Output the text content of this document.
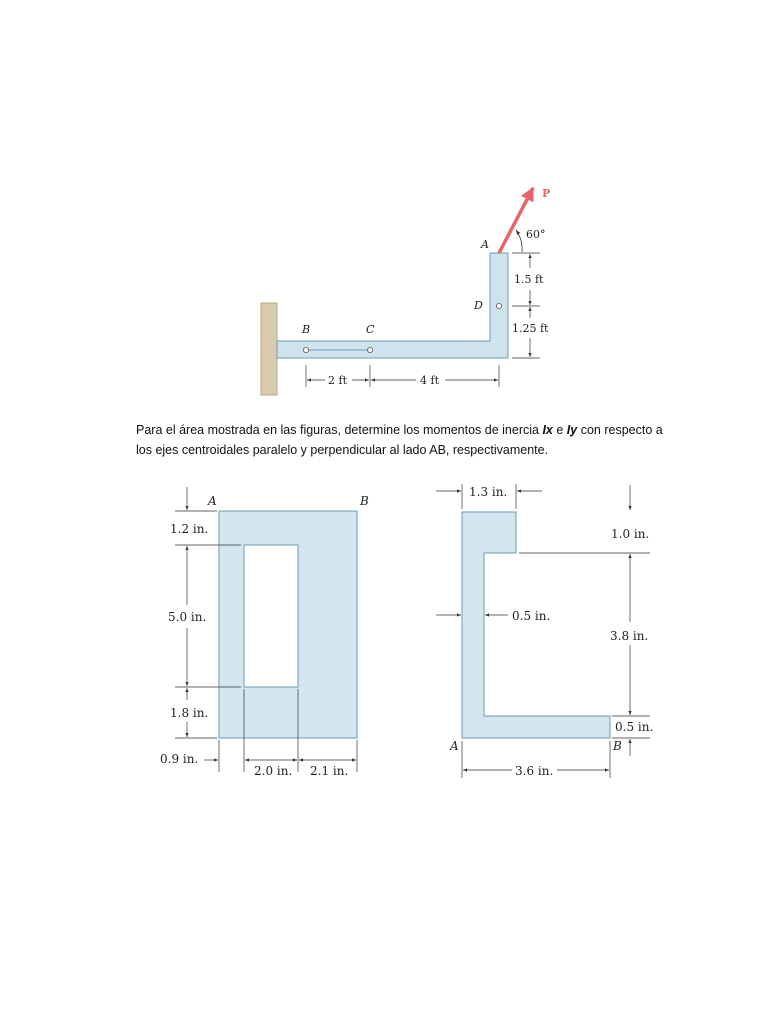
P
60°
A
D
B	C
1.5 ft
1.25 ft
2 ft	4 ft
A	B
1.2 in.
5.0 in.
1.8 in.
0.9 in.
2.0 in. 2.1 in.
A	B
1.3 in.
1.0 in.
3.8 in.
0.5 in.
0.5 in.
3.6 in.

Para el área mostrada en las figuras, determine los momentos de inercia Ix e Iy con respecto a
los ejes centroidales paralelo y perpendicular al lado AB, respectivamente.
